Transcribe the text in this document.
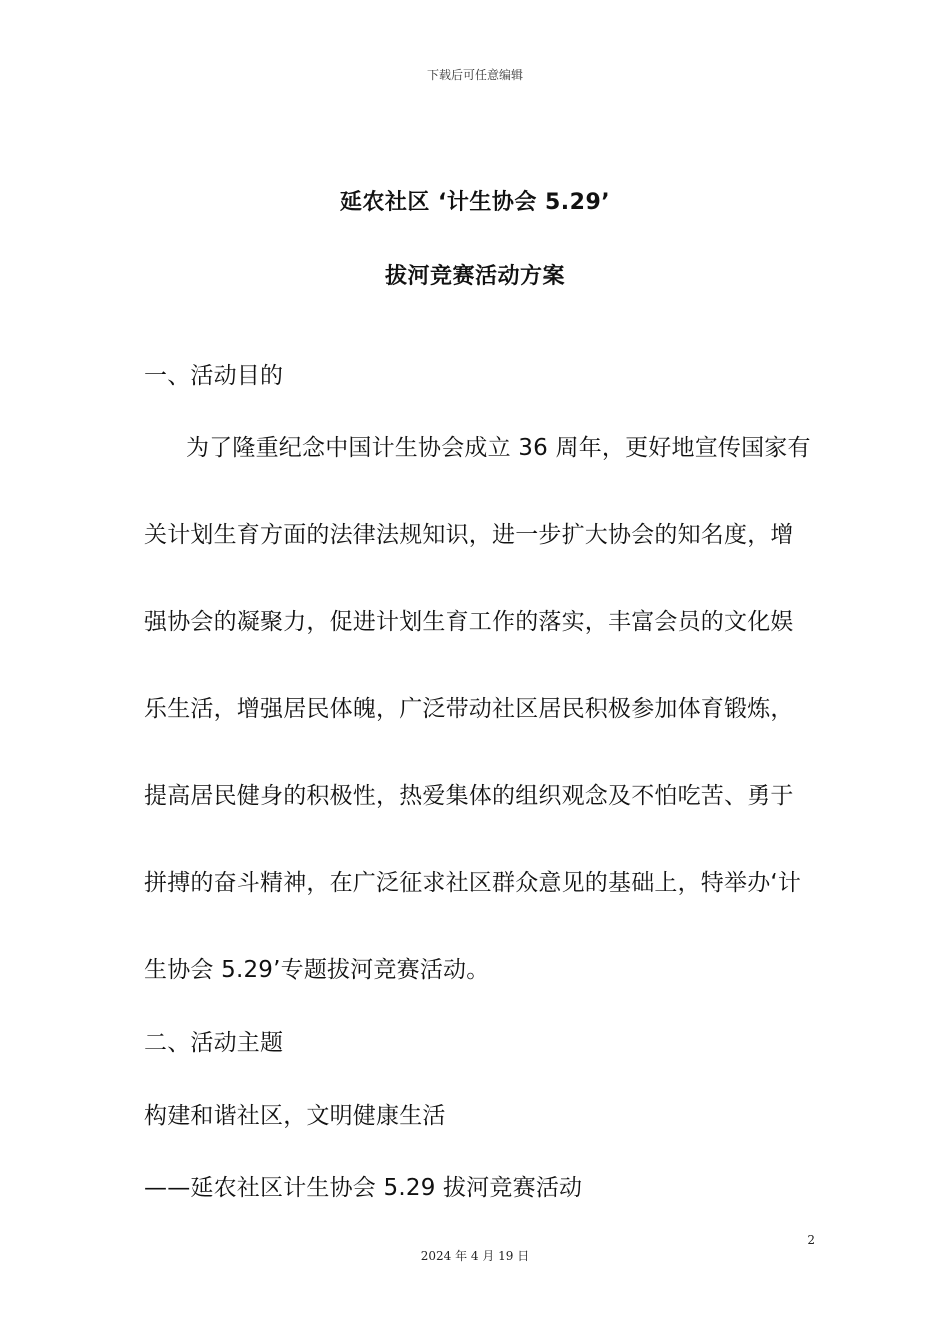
下载后可任意编辑
延农社区 ‘计生协会 5.29’
拔河竞赛活动方案
一、活动目的
为了隆重纪念中国计生协会成立 36 周年，更好地宣传国家有
关计划生育方面的法律法规知识，进一步扩大协会的知名度，增
强协会的凝聚力，促进计划生育工作的落实，丰富会员的文化娱
乐生活，增强居民体魄，广泛带动社区居民积极参加体育锻炼，
提高居民健身的积极性，热爱集体的组织观念及不怕吃苦、勇于
拼搏的奋斗精神，在广泛征求社区群众意见的基础上，特举办‘计
生协会 5.29’专题拔河竞赛活动。
二、活动主题
构建和谐社区，文明健康生活
——延农社区计生协会 5.29 拔河竞赛活动
2
2024 年 4 月 19 日
